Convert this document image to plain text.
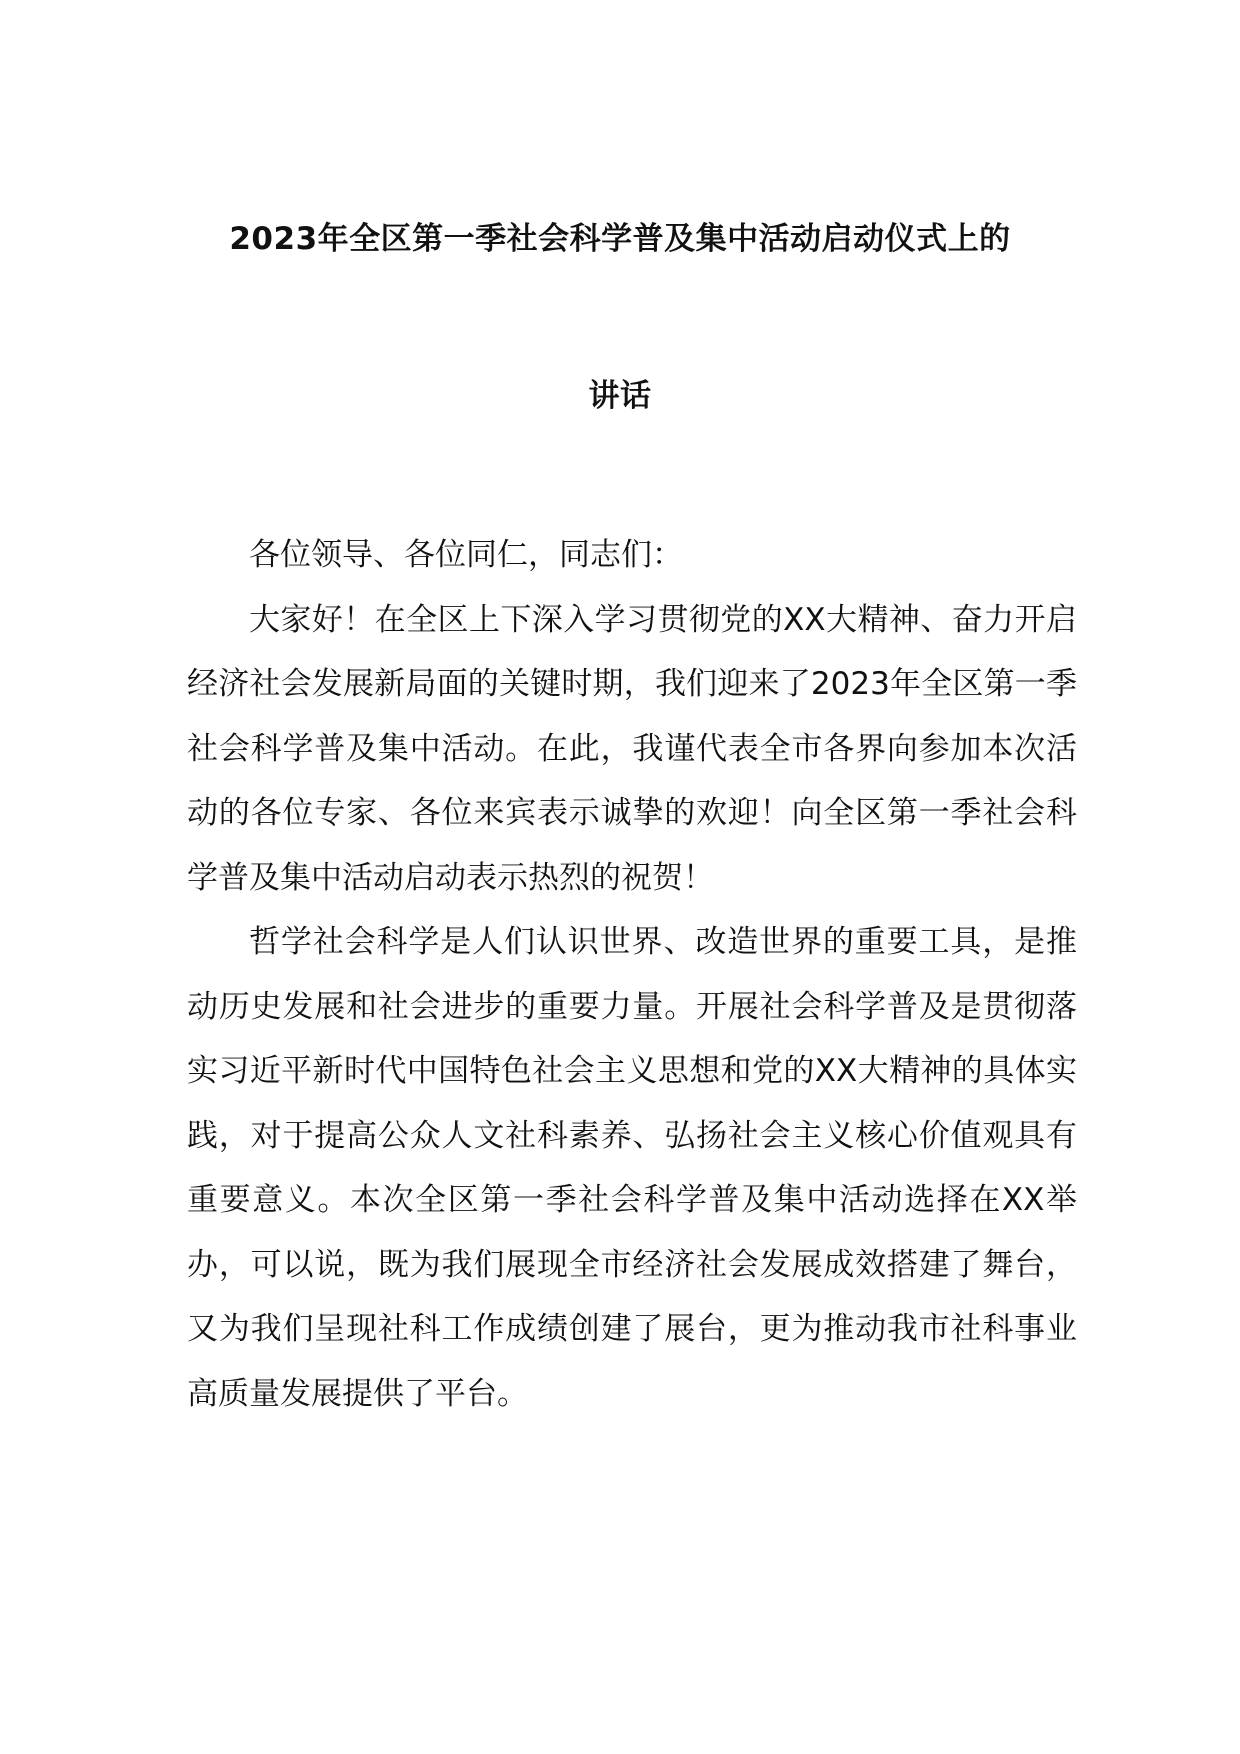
2023年全区第一季社会科学普及集中活动启动仪式上的
讲话

各位领导、各位同仁，同志们：

大家好！在全区上下深入学习贯彻党的XX大精神、奋力开启经济社会发展新局面的关键时期，我们迎来了2023年全区第一季社会科学普及集中活动。在此，我谨代表全市各界向参加本次活动的各位专家、各位来宾表示诚挚的欢迎！向全区第一季社会科学普及集中活动启动表示热烈的祝贺！

哲学社会科学是人们认识世界、改造世界的重要工具，是推动历史发展和社会进步的重要力量。开展社会科学普及是贯彻落实习近平新时代中国特色社会主义思想和党的XX大精神的具体实践，对于提高公众人文社科素养、弘扬社会主义核心价值观具有重要意义。本次全区第一季社会科学普及集中活动选择在XX举办，可以说，既为我们展现全市经济社会发展成效搭建了舞台，又为我们呈现社科工作成绩创建了展台，更为推动我市社科事业高质量发展提供了平台。
